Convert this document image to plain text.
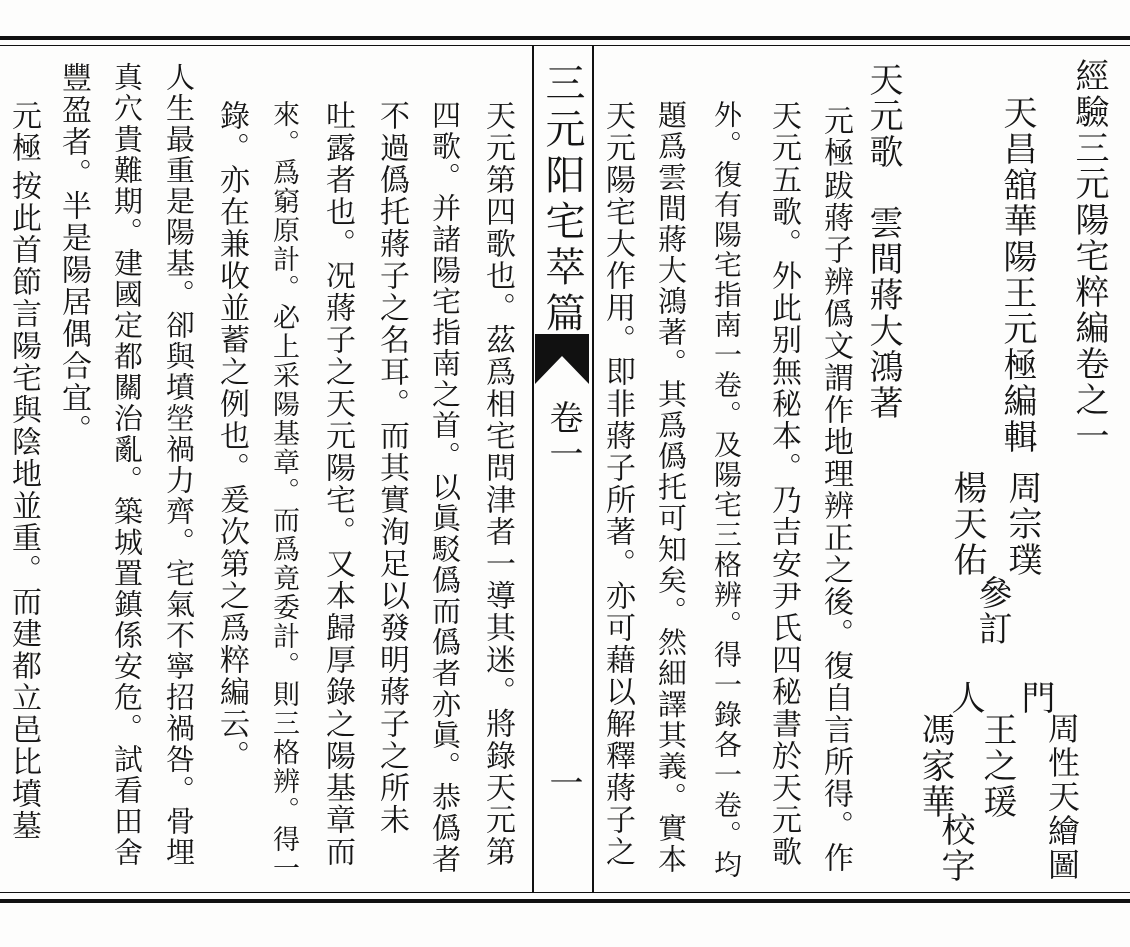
經驗三元陽宅粹編卷之一
天昌舘華陽王元極編輯
周宗璞
楊天佑
參訂
門
周性天繪圖
王之瑗
人
馮家華
校字
天元歌
雲間蔣大鴻著
元極
跋蔣子辨僞文謂作地理辨正之後。復自言所得。作
天元五歌。外此别無秘本。乃吉安尹氏四秘書於天元歌
外。復有陽宅指南一卷。及陽宅三格辨。得一錄各一卷。均
題爲雲間蔣大鴻著。其爲僞托可知矣。然細譯其義。實本
天元陽宅大作用。即非蔣子所著。亦可藉以解釋蔣子之
三元阳宅萃篇
卷一
一
天元第四歌也。茲爲相宅問津者一導其迷。將錄天元第
四歌。并諸陽宅指南之首。以眞駁僞而僞者亦眞。恭僞者
不過僞托蔣子之名耳。而其實洵足以發明蔣子之所未
吐露者也。况蔣子之天元陽宅。又本歸厚錄之陽基章而
來。爲窮原計。必上采陽基章。而爲竟委計。則三格辨。得一
錄。亦在兼收並蓄之例也。爰次第之爲粹編云。
人生最重是陽基。卻與墳塋禍力齊。宅氣不寧招禍咎。骨埋
真穴貴難期。建國定都關治亂。築城置鎮係安危。試看田舍
豐盈者。半是陽居偶合宜。
元極
按此首節言陽宅與陰地並重。而建都立邑比墳墓
